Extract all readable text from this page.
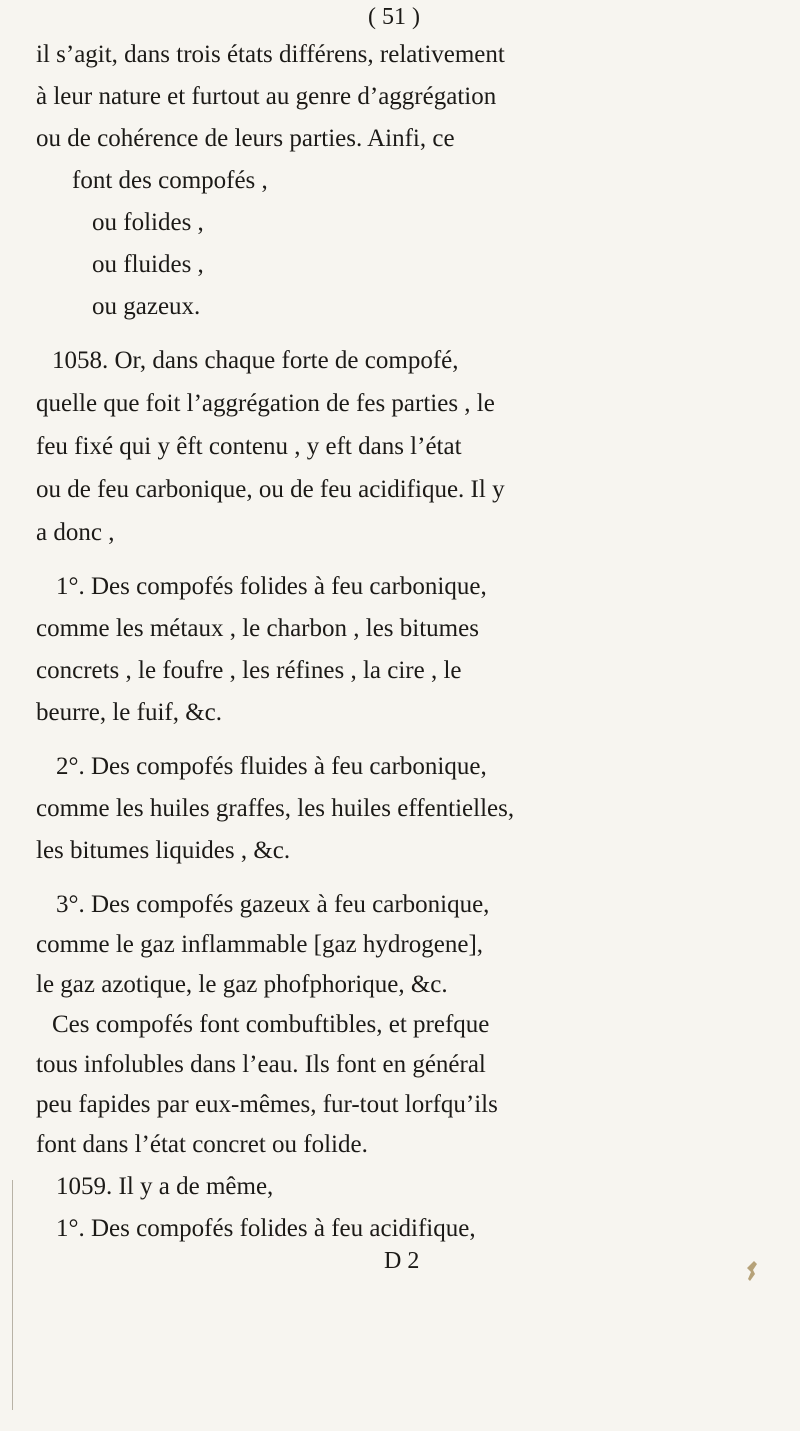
( 51 )
il s’agit, dans trois états différens, relativement
à leur nature et furtout au genre d’aggrégation
ou de cohérence de leurs parties. Ainfi, ce
font des compofés ,
ou folides ,
ou fluides ,
ou gazeux.
1058. Or, dans chaque forte de compofé,
quelle que foit l’aggrégation de fes parties , le
feu fixé qui y êft contenu , y eft dans l’état
ou de feu carbonique, ou de feu acidifique. Il y
a donc ,
1°. Des compofés folides à feu carbonique,
comme les métaux , le charbon , les bitumes
concrets , le foufre , les réfines , la cire , le
beurre, le fuif, &c.
2°. Des compofés fluides à feu carbonique,
comme les huiles graffes, les huiles effentielles,
les bitumes liquides , &c.
3°. Des compofés gazeux à feu carbonique,
comme le gaz inflammable [gaz hydrogene],
le gaz azotique, le gaz phofphorique, &c.
Ces compofés font combuftibles, et prefque
tous infolubles dans l’eau. Ils font en général
peu fapides par eux-mêmes, fur-tout lorfqu’ils
font dans l’état concret ou folide.
1059. Il y a de même,
1°. Des compofés folides à feu acidifique,
D 2
